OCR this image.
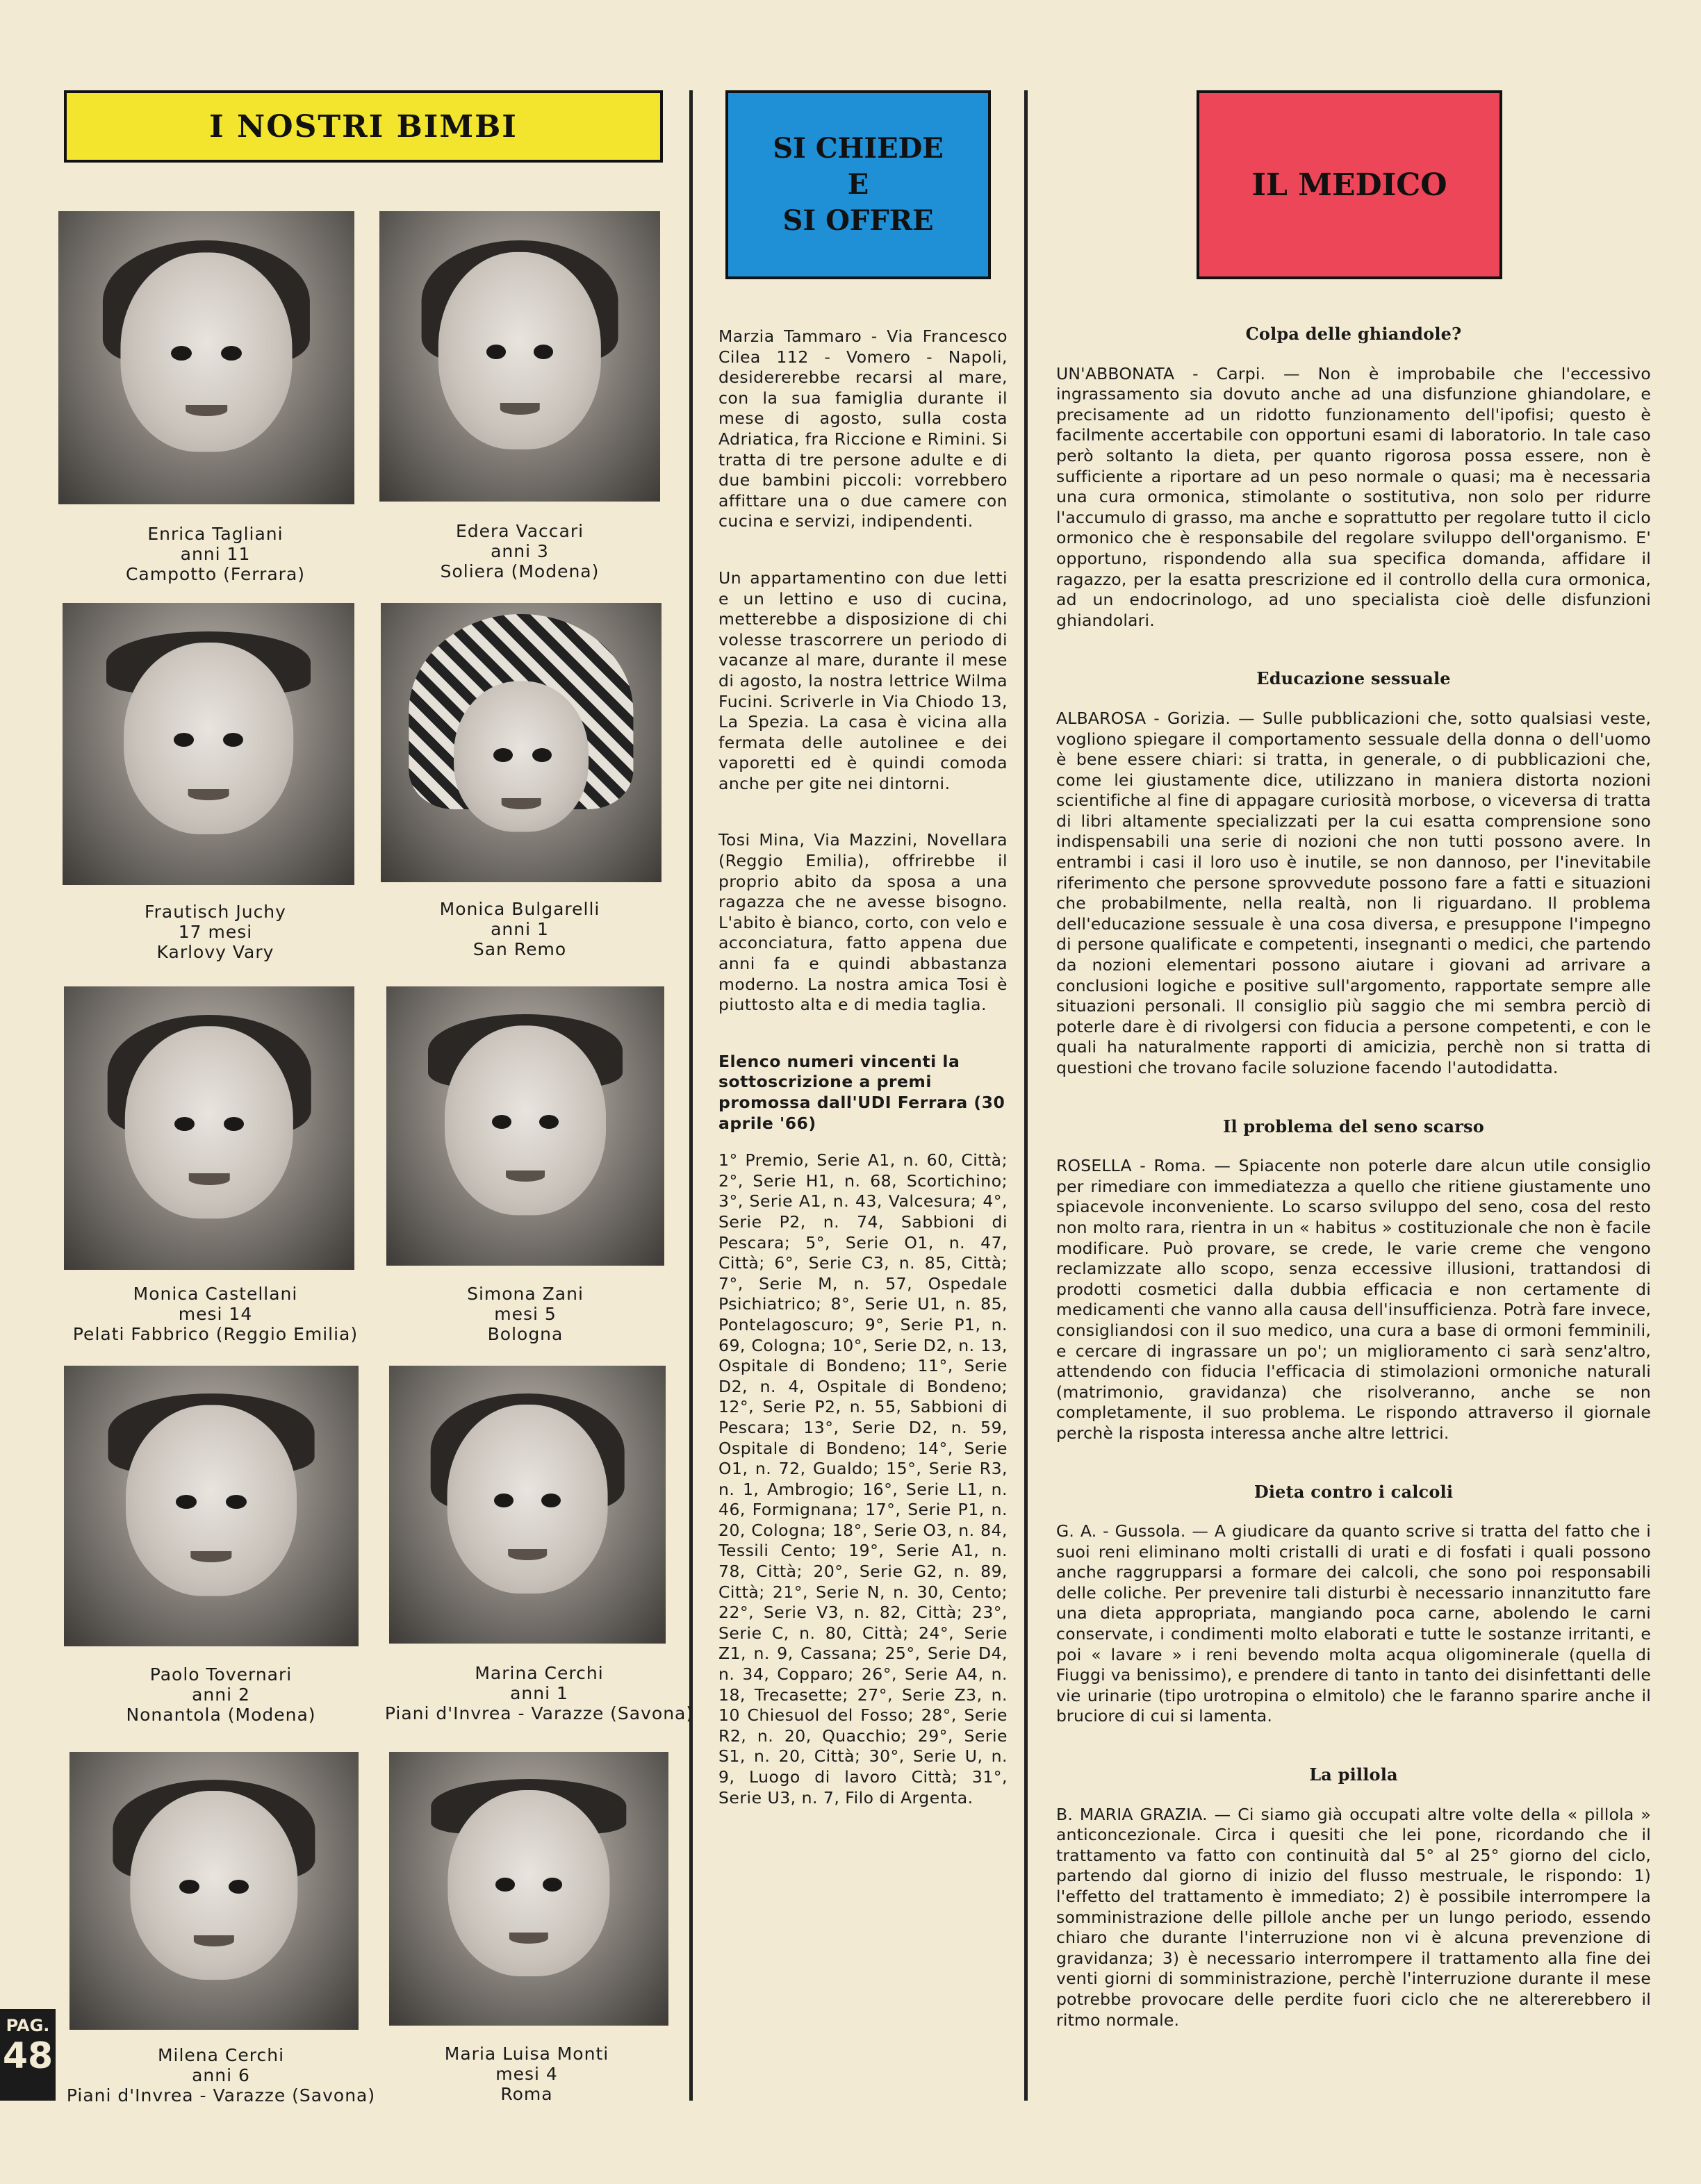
I NOSTRI BIMBI
SI CHIEDE
E
SI OFFRE
IL MEDICO
Enrica Tagliani
anni 11
Campotto (Ferrara)
Edera Vaccari
anni 3
Soliera (Modena)
Frautisch Juchy
17 mesi
Karlovy Vary
Monica Bulgarelli
anni 1
San Remo
Monica Castellani
mesi 14
Pelati Fabbrico (Reggio Emilia)
Simona Zani
mesi 5
Bologna
Paolo Tovernari
anni 2
Nonantola (Modena)
Marina Cerchi
anni 1
Piani d'Invrea - Varazze (Savona)
Milena Cerchi
anni 6
Piani d'Invrea - Varazze (Savona)
Maria Luisa Monti
mesi 4
Roma

Marzia Tammaro - Via Francesco Cilea 112 - Vomero - Napoli, desidererebbe recarsi al mare, con la sua famiglia durante il mese di agosto, sulla costa Adriatica, fra Riccione e Rimini. Si tratta di tre persone adulte e di due bambini piccoli: vorrebbero affittare una o due camere con cucina e servizi, indipendenti.

Un appartamentino con due letti e un lettino e uso di cucina, metterebbe a disposizione di chi volesse trascorrere un periodo di vacanze al mare, durante il mese di agosto, la nostra lettrice Wilma Fucini. Scriverle in Via Chiodo 13, La Spezia. La casa è vicina alla fermata delle autolinee e dei vaporetti ed è quindi comoda anche per gite nei dintorni.

Tosi Mina, Via Mazzini, Novellara (Reggio Emilia), offrirebbe il proprio abito da sposa a una ragazza che ne avesse bisogno. L'abito è bianco, corto, con velo e acconciatura, fatto appena due anni fa e quindi abbastanza moderno. La nostra amica Tosi è piuttosto alta e di media taglia.

Elenco numeri vincenti la sottoscrizione a premi promossa dall'UDI Ferrara (30 aprile '66)

1° Premio, Serie A1, n. 60, Città; 2°, Serie H1, n. 68, Scortichino; 3°, Serie A1, n. 43, Valcesura; 4°, Serie P2, n. 74, Sabbioni di Pescara; 5°, Serie O1, n. 47, Città; 6°, Serie C3, n. 85, Città; 7°, Serie M, n. 57, Ospedale Psichiatrico; 8°, Serie U1, n. 85, Pontelagoscuro; 9°, Serie P1, n. 69, Cologna; 10°, Serie D2, n. 13, Ospitale di Bondeno; 11°, Serie D2, n. 4, Ospitale di Bondeno; 12°, Serie P2, n. 55, Sabbioni di Pescara; 13°, Serie D2, n. 59, Ospitale di Bondeno; 14°, Serie O1, n. 72, Gualdo; 15°, Serie R3, n. 1, Ambrogio; 16°, Serie L1, n. 46, Formignana; 17°, Serie P1, n. 20, Cologna; 18°, Serie O3, n. 84, Tessili Cento; 19°, Serie A1, n. 78, Città; 20°, Serie G2, n. 89, Città; 21°, Serie N, n. 30, Cento; 22°, Serie V3, n. 82, Città; 23°, Serie C, n. 80, Città; 24°, Serie Z1, n. 9, Cassana; 25°, Serie D4, n. 34, Copparo; 26°, Serie A4, n. 18, Trecasette; 27°, Serie Z3, n. 10 Chiesuol del Fosso; 28°, Serie R2, n. 20, Quacchio; 29°, Serie S1, n. 20, Città; 30°, Serie U, n. 9, Luogo di lavoro Città; 31°, Serie U3, n. 7, Filo di Argenta.

Colpa delle ghiandole?

UN'ABBONATA - Carpi. — Non è improbabile che l'eccessivo ingrassamento sia dovuto anche ad una disfunzione ghiandolare, e precisamente ad un ridotto funzionamento dell'ipofisi; questo è facilmente accertabile con opportuni esami di laboratorio. In tale caso però soltanto la dieta, per quanto rigorosa possa essere, non è sufficiente a riportare ad un peso normale o quasi; ma è necessaria una cura ormonica, stimolante o sostitutiva, non solo per ridurre l'accumulo di grasso, ma anche e soprattutto per regolare tutto il ciclo ormonico che è responsabile del regolare sviluppo dell'organismo. E' opportuno, rispondendo alla sua specifica domanda, affidare il ragazzo, per la esatta prescrizione ed il controllo della cura ormonica, ad un endocrinologo, ad uno specialista cioè delle disfunzioni ghiandolari.

Educazione sessuale

ALBAROSA - Gorizia. — Sulle pubblicazioni che, sotto qualsiasi veste, vogliono spiegare il comportamento sessuale della donna o dell'uomo è bene essere chiari: si tratta, in generale, o di pubblicazioni che, come lei giustamente dice, utilizzano in maniera distorta nozioni scientifiche al fine di appagare curiosità morbose, o viceversa di tratta di libri altamente specializzati per la cui esatta comprensione sono indispensabili una serie di nozioni che non tutti possono avere. In entrambi i casi il loro uso è inutile, se non dannoso, per l'inevitabile riferimento che persone sprovvedute possono fare a fatti e situazioni che probabilmente, nella realtà, non li riguardano. Il problema dell'educazione sessuale è una cosa diversa, e presuppone l'impegno di persone qualificate e competenti, insegnanti o medici, che partendo da nozioni elementari possono aiutare i giovani ad arrivare a conclusioni logiche e positive sull'argomento, rapportate sempre alle situazioni personali. Il consiglio più saggio che mi sembra perciò di poterle dare è di rivolgersi con fiducia a persone competenti, e con le quali ha naturalmente rapporti di amicizia, perchè non si tratta di questioni che trovano facile soluzione facendo l'autodidatta.

Il problema del seno scarso

ROSELLA - Roma. — Spiacente non poterle dare alcun utile consiglio per rimediare con immediatezza a quello che ritiene giustamente uno spiacevole inconveniente. Lo scarso sviluppo del seno, cosa del resto non molto rara, rientra in un « habitus » costituzionale che non è facile modificare. Può provare, se crede, le varie creme che vengono reclamizzate allo scopo, senza eccessive illusioni, trattandosi di prodotti cosmetici dalla dubbia efficacia e non certamente di medicamenti che vanno alla causa dell'insufficienza. Potrà fare invece, consigliandosi con il suo medico, una cura a base di ormoni femminili, e cercare di ingrassare un po'; un miglioramento ci sarà senz'altro, attendendo con fiducia l'efficacia di stimolazioni ormoniche naturali (matrimonio, gravidanza) che risolveranno, anche se non completamente, il suo problema. Le rispondo attraverso il giornale perchè la risposta interessa anche altre lettrici.

Dieta contro i calcoli

G. A. - Gussola. — A giudicare da quanto scrive si tratta del fatto che i suoi reni eliminano molti cristalli di urati e di fosfati i quali possono anche raggrupparsi a formare dei calcoli, che sono poi responsabili delle coliche. Per prevenire tali disturbi è necessario innanzitutto fare una dieta appropriata, mangiando poca carne, abolendo le carni conservate, i condimenti molto elaborati e tutte le sostanze irritanti, e poi « lavare » i reni bevendo molta acqua oligominerale (quella di Fiuggi va benissimo), e prendere di tanto in tanto dei disinfettanti delle vie urinarie (tipo urotropina o elmitolo) che le faranno sparire anche il bruciore di cui si lamenta.

La pillola

B. MARIA GRAZIA. — Ci siamo già occupati altre volte della « pillola » anticoncezionale. Circa i quesiti che lei pone, ricordando che il trattamento va fatto con continuità dal 5° al 25° giorno del ciclo, partendo dal giorno di inizio del flusso mestruale, le rispondo: 1) l'effetto del trattamento è immediato; 2) è possibile interrompere la somministrazione delle pillole anche per un lungo periodo, essendo chiaro che durante l'interruzione non vi è alcuna prevenzione di gravidanza; 3) è necessario interrompere il trattamento alla fine dei venti giorni di somministrazione, perchè l'interruzione durante il mese potrebbe provocare delle perdite fuori ciclo che ne altererebbero il ritmo normale.

PAG.
48
